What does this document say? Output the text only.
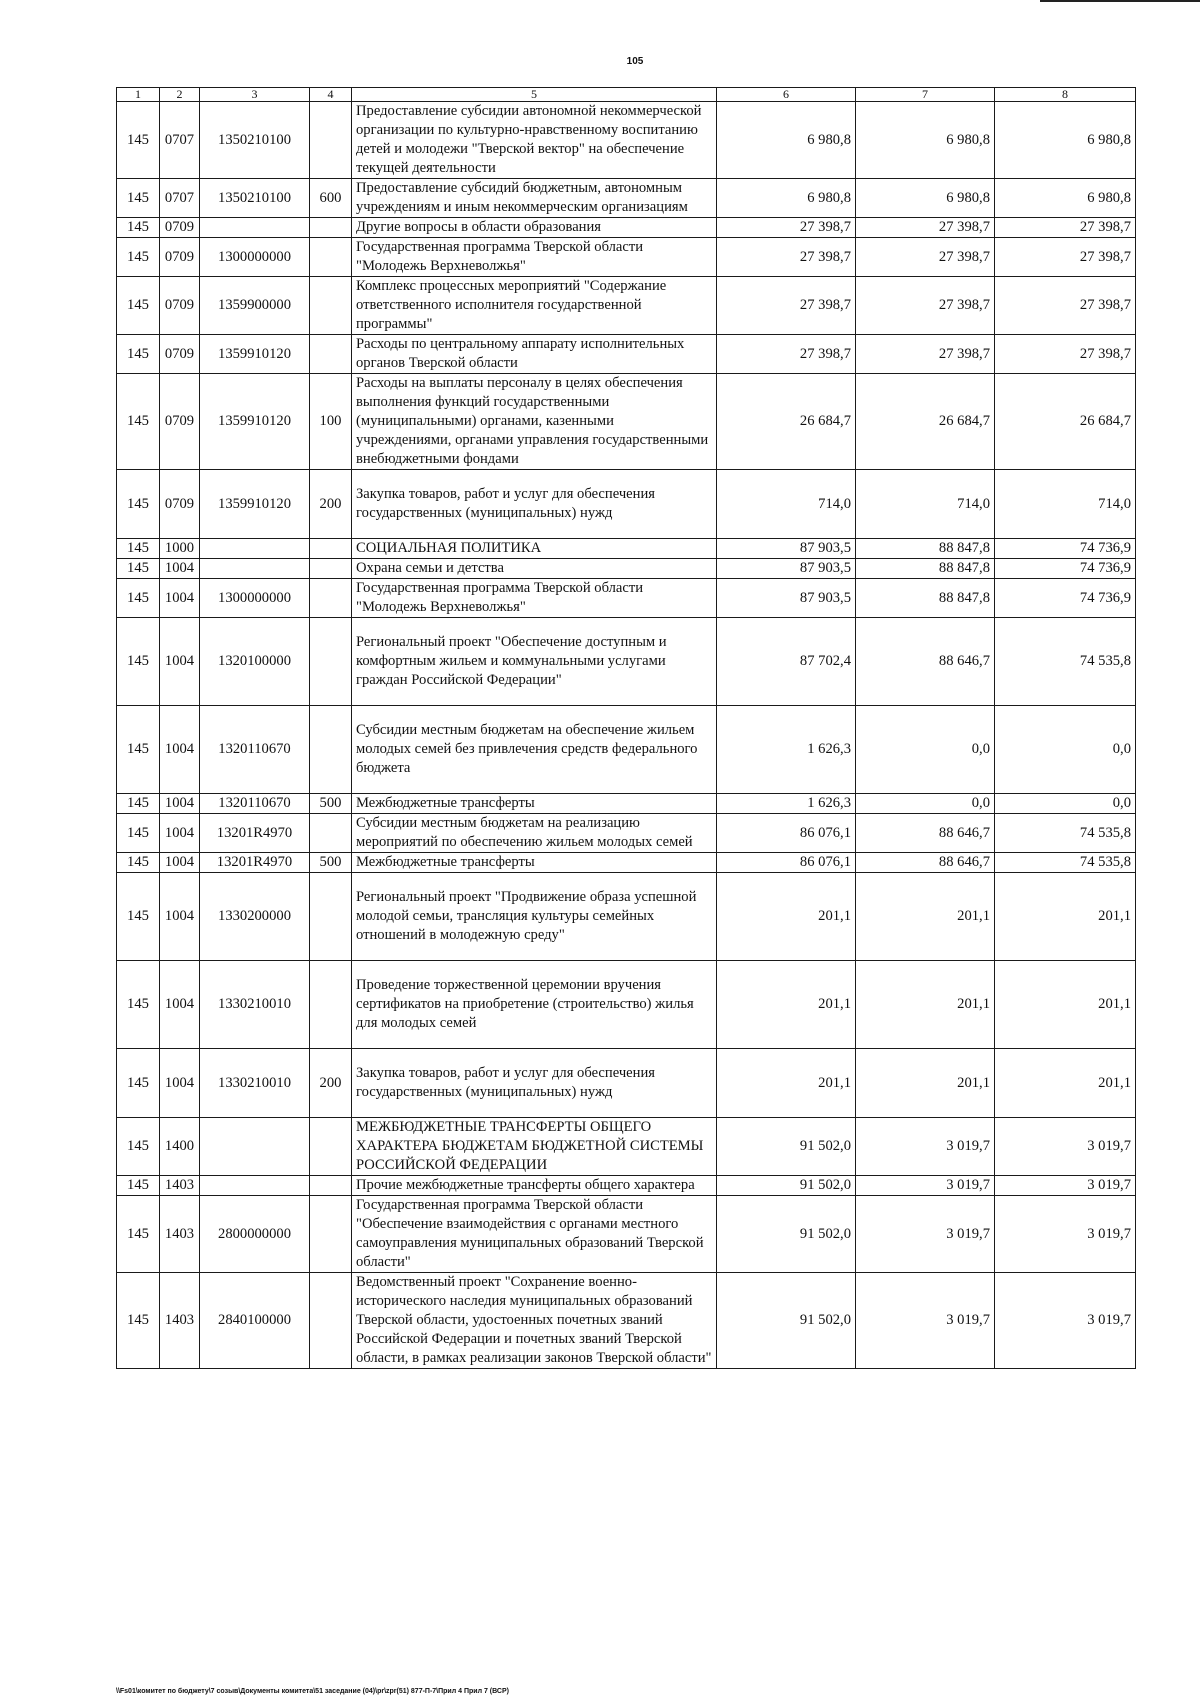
105
1	2	3	4	5	6	7	8
145	0707	1350210100		Предоставление субсидии автономной некоммерческой организации по культурно-нравственному воспитанию детей и молодежи "Тверской вектор" на обеспечение текущей деятельности	6 980,8	6 980,8	6 980,8
145	0707	1350210100	600	Предоставление субсидий бюджетным, автономным учреждениям и иным некоммерческим организациям	6 980,8	6 980,8	6 980,8
145	0709			Другие вопросы в области образования	27 398,7	27 398,7	27 398,7
145	0709	1300000000		Государственная программа Тверской области "Молодежь Верхневолжья"	27 398,7	27 398,7	27 398,7
145	0709	1359900000		Комплекс процессных мероприятий "Содержание ответственного исполнителя государственной программы"	27 398,7	27 398,7	27 398,7
145	0709	1359910120		Расходы по центральному аппарату исполнительных органов Тверской области	27 398,7	27 398,7	27 398,7
145	0709	1359910120	100	Расходы на выплаты персоналу в целях обеспечения выполнения функций государственными (муниципальными) органами, казенными учреждениями, органами управления государственными внебюджетными фондами	26 684,7	26 684,7	26 684,7
145	0709	1359910120	200	Закупка товаров, работ и услуг для обеспечения государственных (муниципальных) нужд	714,0	714,0	714,0
145	1000			СОЦИАЛЬНАЯ ПОЛИТИКА	87 903,5	88 847,8	74 736,9
145	1004			Охрана семьи и детства	87 903,5	88 847,8	74 736,9
145	1004	1300000000		Государственная программа Тверской области "Молодежь Верхневолжья"	87 903,5	88 847,8	74 736,9
145	1004	1320100000		Региональный проект "Обеспечение доступным и комфортным жильем и коммунальными услугами граждан Российской Федерации"	87 702,4	88 646,7	74 535,8
145	1004	1320110670		Субсидии местным бюджетам на обеспечение жильем молодых семей без привлечения средств федерального бюджета	1 626,3	0,0	0,0
145	1004	1320110670	500	Межбюджетные трансферты	1 626,3	0,0	0,0
145	1004	13201R4970		Субсидии местным бюджетам на реализацию мероприятий по обеспечению жильем молодых семей	86 076,1	88 646,7	74 535,8
145	1004	13201R4970	500	Межбюджетные трансферты	86 076,1	88 646,7	74 535,8
145	1004	1330200000		Региональный проект "Продвижение образа успешной молодой семьи, трансляция культуры семейных отношений в молодежную среду"	201,1	201,1	201,1
145	1004	1330210010		Проведение торжественной церемонии вручения сертификатов на приобретение (строительство) жилья для молодых семей	201,1	201,1	201,1
145	1004	1330210010	200	Закупка товаров, работ и услуг для обеспечения государственных (муниципальных) нужд	201,1	201,1	201,1
145	1400			МЕЖБЮДЖЕТНЫЕ ТРАНСФЕРТЫ ОБЩЕГО ХАРАКТЕРА БЮДЖЕТАМ БЮДЖЕТНОЙ СИСТЕМЫ РОССИЙСКОЙ ФЕДЕРАЦИИ	91 502,0	3 019,7	3 019,7
145	1403			Прочие межбюджетные трансферты общего характера	91 502,0	3 019,7	3 019,7
145	1403	2800000000		Государственная программа Тверской области "Обеспечение взаимодействия с органами местного самоуправления муниципальных образований Тверской области"	91 502,0	3 019,7	3 019,7
145	1403	2840100000		Ведомственный проект "Сохранение военно-исторического наследия муниципальных образований Тверской области, удостоенных почетных званий Российской Федерации и почетных званий Тверской области, в рамках реализации законов Тверской области"	91 502,0	3 019,7	3 019,7
\\Fs01\комитет по бюджету\7 созыв\Документы комитета\51 заседание (04)\pr\zpr(51) 877-П-7\Прил 4 Прил 7 (ВСР)
